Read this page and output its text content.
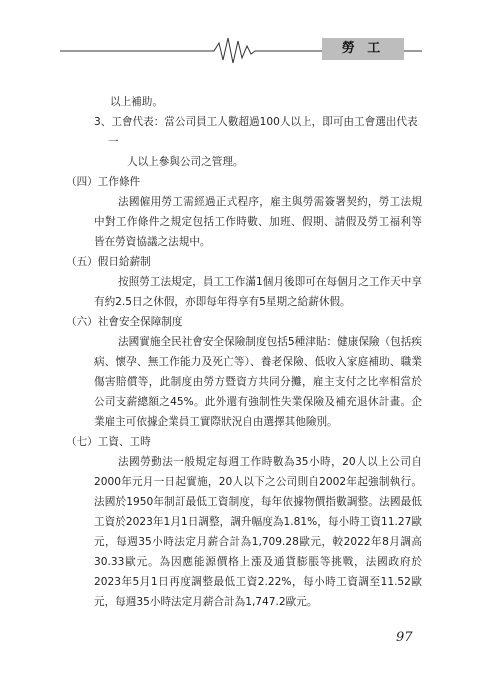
勞 工

以上補助。

3、工會代表：當公司員工人數超過100人以上，即可由工會選出代表一

人以上參與公司之管理。

（四）工作條件

法國僱用勞工需經過正式程序，雇主與勞需簽署契約，勞工法規中對工作條件之規定包括工作時數、加班、假期、請假及勞工福利等皆在勞資協議之法規中。

（五）假日給薪制

按照勞工法規定，員工工作滿1個月後即可在每個月之工作天中享有約2.5日之休假，亦即每年得享有5星期之給薪休假。

（六）社會安全保障制度

法國實施全民社會安全保險制度包括5種津貼：健康保險（包括疾病、懷孕、無工作能力及死亡等）、養老保險、低收入家庭補助、職業傷害賠償等，此制度由勞方暨資方共同分攤，雇主支付之比率相當於公司支薪總額之45%。此外還有強制性失業保險及補充退休計畫。企業雇主可依據企業員工實際狀況自由選擇其他險別。

（七）工資、工時

法國勞動法一般規定每週工作時數為35小時，20人以上公司自2000年元月一日起實施，20人以下之公司則自2002年起強制執行。法國於1950年制訂最低工資制度，每年依據物價指數調整。法國最低工資於2023年1月1日調整，調升幅度為1.81%，每小時工資11.27歐元，每週35小時法定月薪合計為1,709.28歐元，較2022年8月調高30.33歐元。為因應能源價格上漲及通貨膨脹等挑戰，法國政府於2023年5月1日再度調整最低工資2.22%，每小時工資調至11.52歐元，每週35小時法定月薪合計為1,747.2歐元。

97
